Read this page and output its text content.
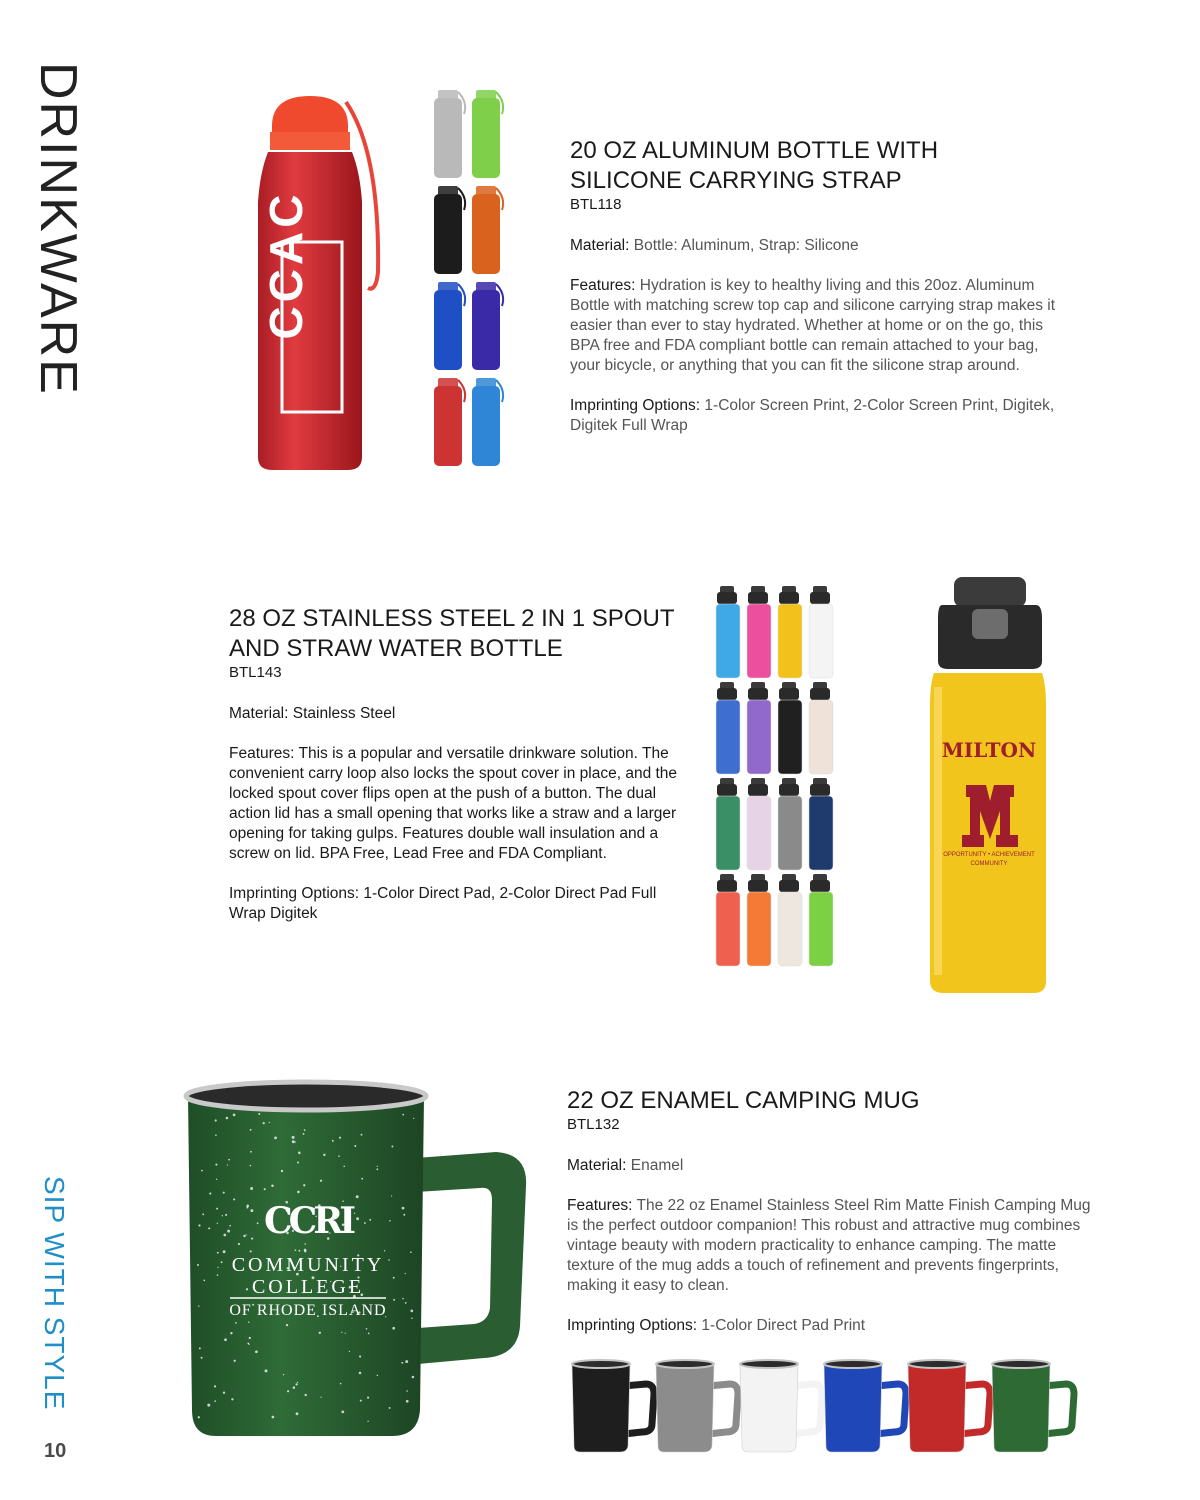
DRINKWARE
SIP WITH STYLE
10
CCAC
20 OZ ALUMINUM BOTTLE WITH
SILICONE CARRYING STRAP

BTL118

Material: Bottle: Aluminum, Strap: Silicone

Features: Hydration is key to healthy living and this 20oz. Aluminum Bottle with matching screw top cap and silicone carrying strap makes it easier than ever to stay hydrated. Whether at home or on the go, this BPA free and FDA compliant bottle can remain attached to your bag, your bicycle, or anything that you can fit the silicone strap around.

Imprinting Options: 1-Color Screen Print, 2-Color Screen Print, Digitek, Digitek Full Wrap

28 OZ STAINLESS STEEL 2 IN 1 SPOUT
AND STRAW WATER BOTTLE

BTL143

Material: Stainless Steel

Features: This is a popular and versatile drinkware solution. The convenient carry loop also locks the spout cover in place, and the locked spout cover flips open at the push of a button. The dual action lid has a small opening that works like a straw and a larger opening for taking gulps. Features double wall insulation and a screw on lid. BPA Free, Lead Free and FDA Compliant.

Imprinting Options: 1-Color Direct Pad, 2-Color Direct Pad Full Wrap Digitek

MILTON
OPPORTUNITY • ACHIEVEMENT
COMMUNITY
CCRI
COMMUNITY
COLLEGE
OF RHODE ISLAND
22 OZ ENAMEL CAMPING MUG

BTL132

Material: Enamel

Features: The 22 oz Enamel Stainless Steel Rim Matte Finish Camping Mug is the perfect outdoor companion! This robust and attractive mug combines vintage beauty with modern practicality to enhance camping. The matte texture of the mug adds a touch of refinement and prevents fingerprints, making it easy to clean.

Imprinting Options: 1-Color Direct Pad Print
